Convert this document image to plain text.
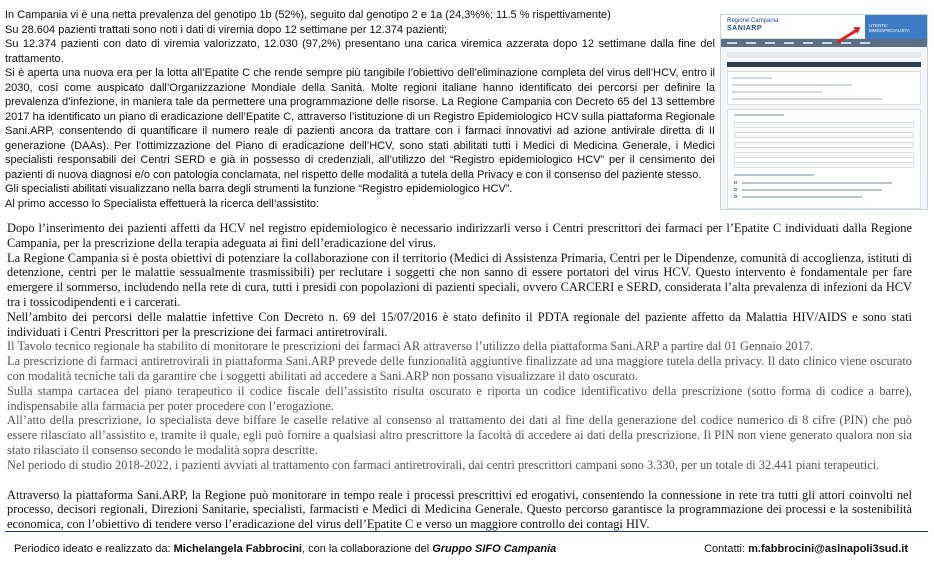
In Campania vi è una netta prevalenza del genotipo 1b (52%), seguito dal genotipo 2 e 1a (24,3%%; 11.5 % rispettivamente)

Su 28.604 pazienti trattati sono noti i dati di viremia dopo 12 settimane per 12.374 pazienti;

Su 12.374 pazienti con dato di viremia valorizzato, 12.030 (97,2%) presentano una carica viremica azzerata dopo 12 settimane dalla fine del trattamento.

Si è aperta una nuova era per la lotta all’Epatite C che rende sempre più tangibile l’obiettivo dell’eliminazione completa del virus dell’HCV, entro il 2030, così come auspicato dall’Organizzazione Mondiale della Sanità. Molte regioni italiane hanno identificato dei percorsi per definire la prevalenza d’infezione, in maniera tale da permettere una programmazione delle risorse. La Regione Campania con Decreto 65 del 13 settembre 2017 ha identificato un piano di eradicazione dell’Epatite C, attraverso l’istituzione di un Registro Epidemiologico HCV sulla piattaforma Regionale Sani.ARP, consentendo di quantificare il numero reale di pazienti ancora da trattare con i farmaci innovativi ad azione antivirale diretta di II generazione (DAAs). Per l’ottimizzazione del Piano di eradicazione dell’HCV, sono stati abilitati tutti i Medici di Medicina Generale, i Medici specialisti responsabili dei Centri SERD e già in possesso di credenziali, all’utilizzo del “Registro epidemiologico HCV” per il censimento dei pazienti di nuova diagnosi e/o con patologia conclamata, nel rispetto delle modalità a tutela della Privacy e con il consenso del paziente stesso.

Gli specialisti abilitati visualizzano nella barra degli strumenti la funzione “Registro epidemiologico HCV”.

Al primo accesso lo Specialista effettuerà la ricerca dell’assistito:

Regione Campania
SANIARP	UTENTE: MMG/SPECIALISTA

Dopo l’inserimento dei pazienti affetti da HCV nel registro epidemiologico è necessario indirizzarli verso i Centri prescrittori dei farmaci per l’Epatite C individuati dalla Regione Campania, per la prescrizione della terapia adeguata ai fini dell’eradicazione del virus.

La Regione Campania si è posta obiettivi di potenziare la collaborazione con il territorio (Medici di Assistenza Primaria, Centri per le Dipendenze, comunità di accoglienza, istituti di detenzione, centri per le malattie sessualmente trasmissibili) per reclutare i soggetti che non sanno di essere portatori del virus HCV. Questo intervento è fondamentale per fare emergere il sommerso, includendo nella rete di cura, tutti i presidi con popolazioni di pazienti speciali, ovvero CARCERI e SERD, considerata l’alta prevalenza di infezioni da HCV tra i tossicodipendenti e i carcerati.

Nell’ambito dei percorsi delle malattie infettive Con Decreto n. 69 del 15/07/2016 è stato definito il PDTA regionale del paziente affetto da Malattia HIV/AIDS e sono stati individuati i Centri Prescrittori per la prescrizione dei farmaci antiretrovirali.

Il Tavolo tecnico regionale ha stabilito di monitorare le prescrizioni dei farmaci AR attraverso l’utilizzo della piattaforma Sani.ARP a partire dal 01 Gennaio 2017.

La prescrizione di farmaci antiretrovirali in piattaforma Sani.ARP prevede delle funzionalità aggiuntive finalizzate ad una maggiore tutela della privacy. Il dato clinico viene oscurato con modalità tecniche tali da garantire che i soggetti abilitati ad accedere a Sani.ARP non possano visualizzare il dato oscurato.

Sulla stampa cartacea del piano terapeutico il codice fiscale dell’assistito risulta oscurato e riporta un codice identificativo della prescrizione (sotto forma di codice a barre), indispensabile alla farmacia per poter procedere con l’erogazione.

All’atto della prescrizione, lo specialista deve biffare le caselle relative al consenso al trattamento dei dati al fine della generazione del codice numerico di 8 cifre (PIN) che può essere rilasciato all’assistito e, tramite il quale, egli può fornire a qualsiasi altro prescrittore la facoltà di accedere ai dati della prescrizione. Il PIN non viene generato qualora non sia stato rilasciato il consenso secondo le modalità sopra descritte.

Nel periodo di studio 2018-2022, i pazienti avviati al trattamento con farmaci antiretrovirali, dai centri prescrittori campani sono 3.330, per un totale di 32.441 piani terapeutici.

Attraverso la piattaforma Sani.ARP, la Regione può monitorare in tempo reale i processi prescrittivi ed erogativi, consentendo la connessione in rete tra tutti gli attori coinvolti nel processo, decisori regionali, Direzioni Sanitarie, specialisti, farmacisti e Medici di Medicina Generale. Questo percorso garantisce la programmazione dei processi e la sostenibilità economica, con l’obiettivo di tendere verso l’eradicazione del virus dell’Epatite C e verso un maggiore controllo dei contagi HIV.

Periodico ideato e realizzato da: Michelangela Fabbrocini, con la collaborazione del Gruppo SIFO Campania	Contatti: m.fabbrocini@aslnapoli3sud.it
